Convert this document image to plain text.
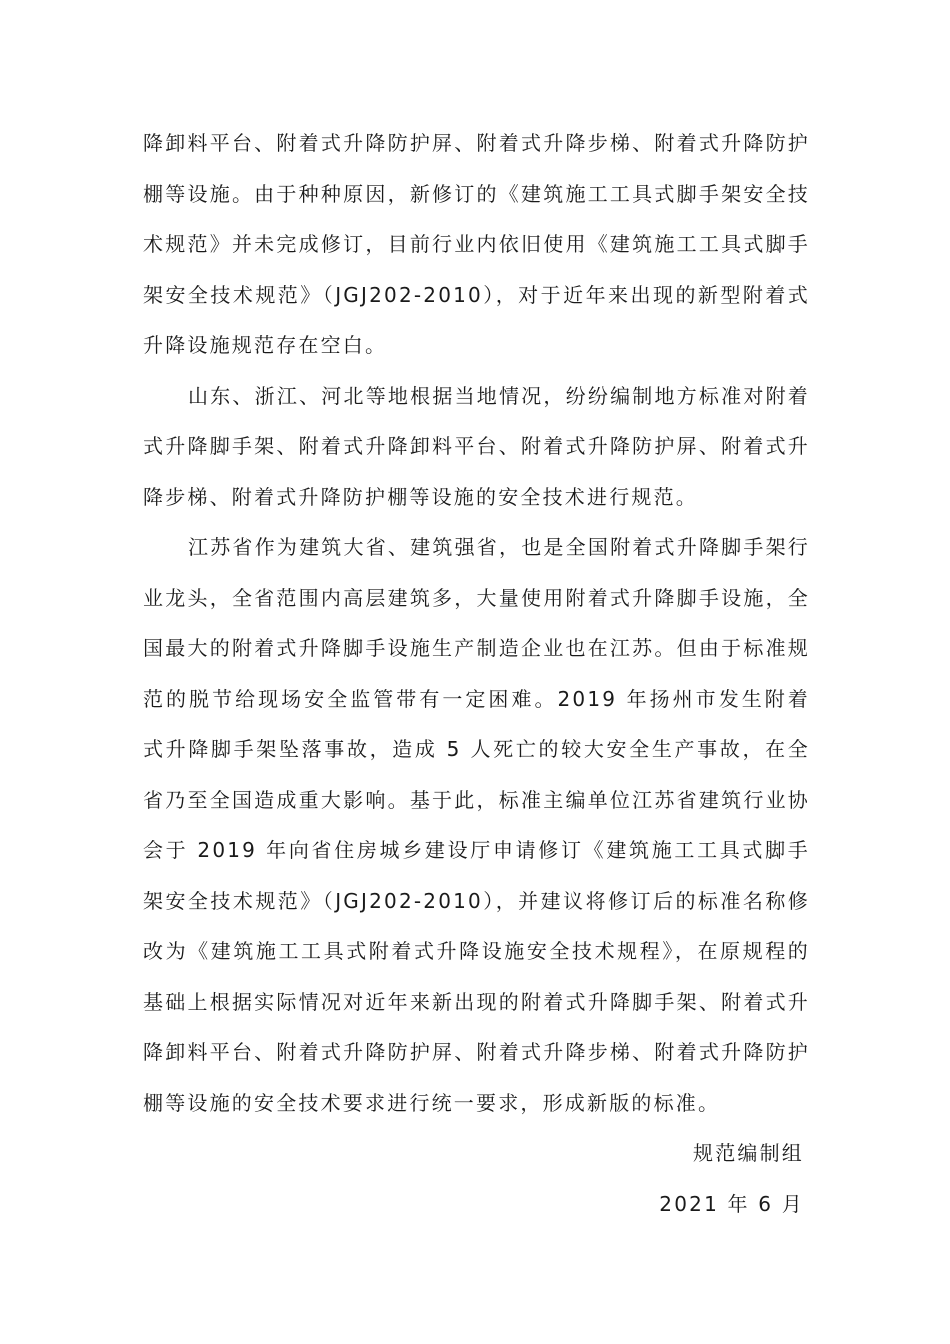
降卸料平台、附着式升降防护屏、附着式升降步梯、附着式升降防护棚等设施。由于种种原因，新修订的《建筑施工工具式脚手架安全技术规范》并未完成修订，目前行业内依旧使用《建筑施工工具式脚手架安全技术规范》（JGJ202-2010），对于近年来出现的新型附着式升降设施规范存在空白。

山东、浙江、河北等地根据当地情况，纷纷编制地方标准对附着式升降脚手架、附着式升降卸料平台、附着式升降防护屏、附着式升降步梯、附着式升降防护棚等设施的安全技术进行规范。

江苏省作为建筑大省、建筑强省，也是全国附着式升降脚手架行业龙头，全省范围内高层建筑多，大量使用附着式升降脚手设施，全国最大的附着式升降脚手设施生产制造企业也在江苏。但由于标准规范的脱节给现场安全监管带有一定困难。2019 年扬州市发生附着式升降脚手架坠落事故，造成 5 人死亡的较大安全生产事故，在全省乃至全国造成重大影响。基于此，标准主编单位江苏省建筑行业协会于 2019 年向省住房城乡建设厅申请修订《建筑施工工具式脚手架安全技术规范》（JGJ202-2010），并建议将修订后的标准名称修改为《建筑施工工具式附着式升降设施安全技术规程》，在原规程的基础上根据实际情况对近年来新出现的附着式升降脚手架、附着式升降卸料平台、附着式升降防护屏、附着式升降步梯、附着式升降防护棚等设施的安全技术要求进行统一要求，形成新版的标准。

规范编制组

2021 年 6 月
